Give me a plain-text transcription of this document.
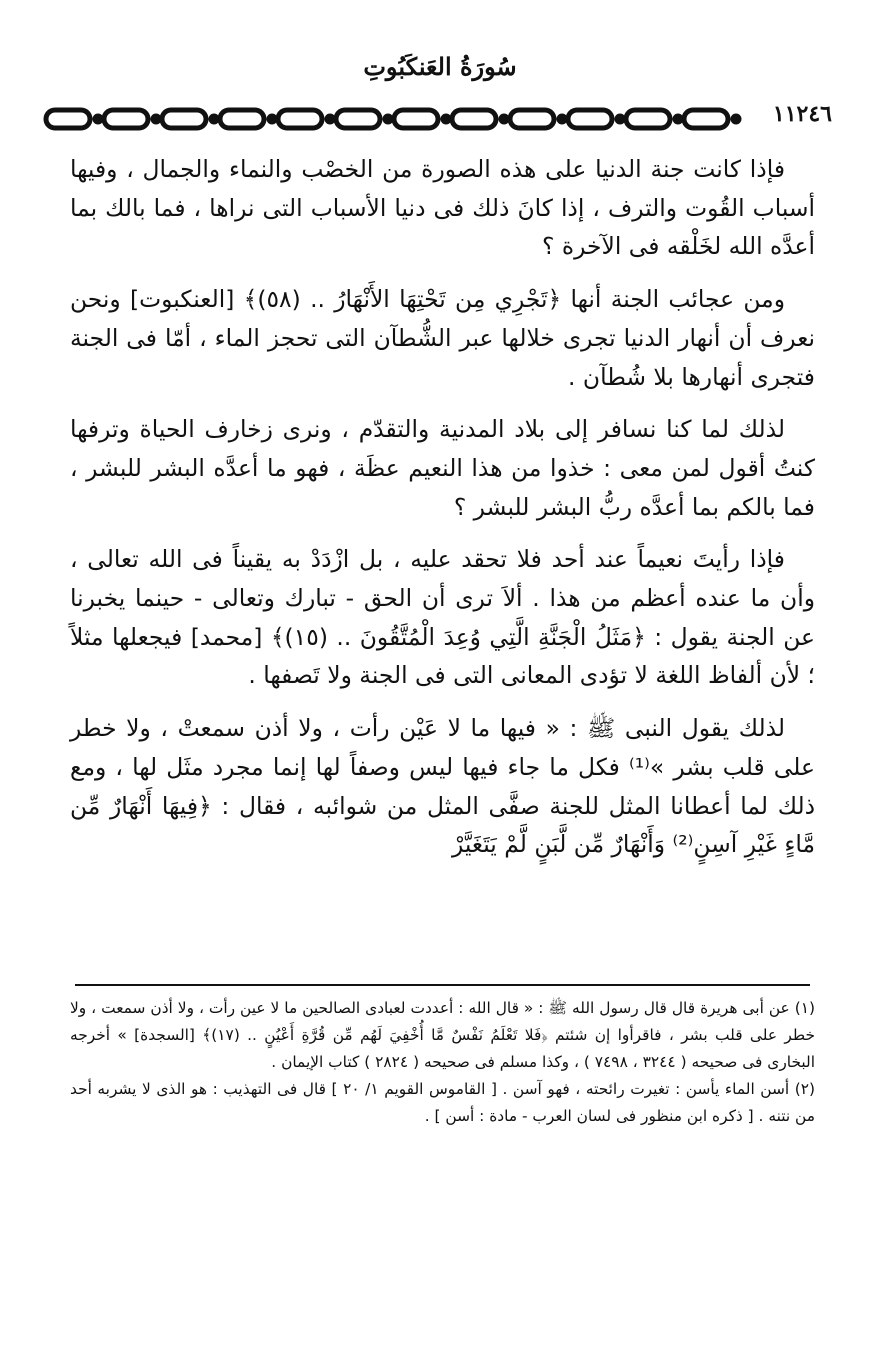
سُورَةُ العَنكَبُوتِ
١١٢٤٦

فإذا كانت جنة الدنيا على هذه الصورة من الخصْب والنماء والجمال ، وفيها أسباب القُوت والترف ، إذا كانَ ذلك فى دنيا الأسباب التى نراها ، فما بالك بما أعدَّه الله لخَلْقه فى الآخرة ؟

ومن عجائب الجنة أنها ﴿تَجْرِي مِن تَحْتِهَا الأَنْهَارُ .. (٥٨)﴾ [العنكبوت] ونحن نعرف أن أنهار الدنيا تجرى خلالها عبر الشُّطآن التى تحجز الماء ، أمّا فى الجنة فتجرى أنهارها بلا شُطآن .

لذلك لما كنا نسافر إلى بلاد المدنية والتقدّم ، ونرى زخارف الحياة وترفها كنتُ أقول لمن معى : خذوا من هذا النعيم عظَة ، فهو ما أعدَّه البشر للبشر ، فما بالكم بما أعدَّه ربُّ البشر للبشر ؟

فإذا رأيتَ نعيماً عند أحد فلا تحقد عليه ، بل ازْدَدْ به يقيناً فى الله تعالى ، وأن ما عنده أعظم من هذا . ألاَ ترى أن الحق - تبارك وتعالى - حينما يخبرنا عن الجنة يقول : ﴿مَثَلُ الْجَنَّةِ الَّتِي وُعِدَ الْمُتَّقُونَ .. (١٥)﴾ [محمد] فيجعلها مثلاً ؛ لأن ألفاظ اللغة لا تؤدى المعانى التى فى الجنة ولا تَصفها .

لذلك يقول النبى ﷺ : « فيها ما لا عَيْن رأت ، ولا أذن سمعتْ ، ولا خطر على قلب بشر »⁽¹⁾ فكل ما جاء فيها ليس وصفاً لها إنما مجرد مثَل لها ، ومع ذلك لما أعطانا المثل للجنة صفَّى المثل من شوائبه ، فقال : ﴿فِيهَا أَنْهَارٌ مِّن مَّاءٍ غَيْرِ آسِنٍ⁽²⁾ وَأَنْهَارٌ مِّن لَّبَنٍ لَّمْ يَتَغَيَّرْ

(١) عن أبى هريرة قال قال رسول الله ﷺ : « قال الله : أعددت لعبادى الصالحين ما لا عين رأت ، ولا أذن سمعت ، ولا خطر على قلب بشر ، فاقرأوا إن شئتم ﴿فَلا تَعْلَمُ نَفْسٌ مَّا أُخْفِيَ لَهُم مِّن قُرَّةِ أَعْيُنٍ .. (١٧)﴾ [السجدة] » أخرجه البخارى فى صحيحه ( ٣٢٤٤ ، ٧٤٩٨ ) ، وكذا مسلم فى صحيحه ( ٢٨٢٤ ) كتاب الإيمان .

(٢) أسن الماء يأسن : تغيرت رائحته ، فهو آسن . [ القاموس القويم ١/ ٢٠ ] قال فى التهذيب : هو الذى لا يشربه أحد من نتنه . [ ذكره ابن منظور فى لسان العرب - مادة : أسن ] .
